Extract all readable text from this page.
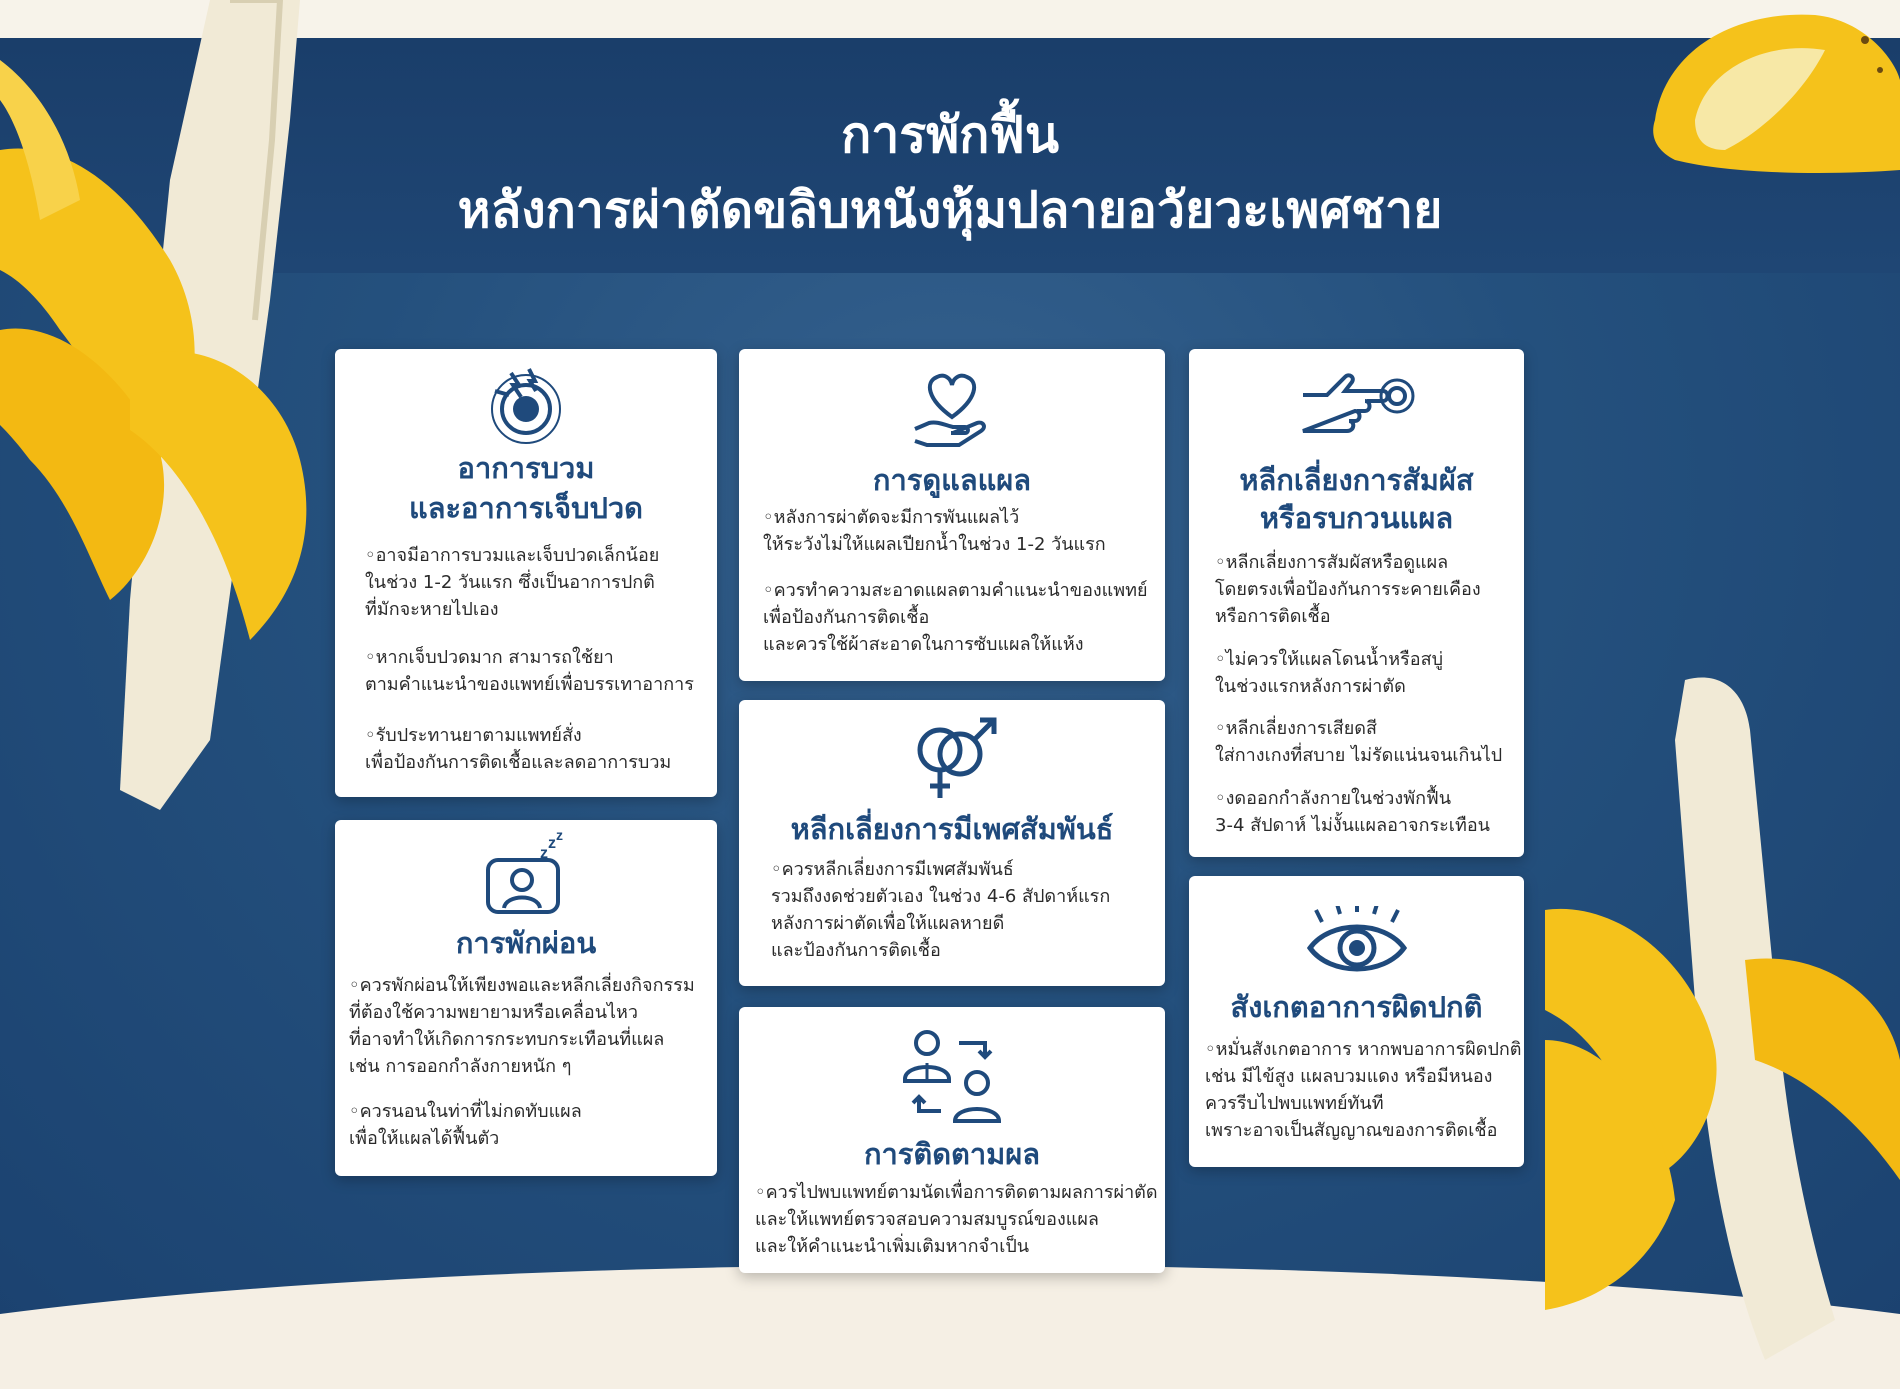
การพักฟื้น
หลังการผ่าตัดขลิบหนังหุ้มปลายอวัยวะเพศชาย
อาการบวม
และอาการเจ็บปวด
◦อาจมีอาการบวมและเจ็บปวดเล็กน้อย
ในช่วง 1-2 วันแรก ซึ่งเป็นอาการปกติ
ที่มักจะหายไปเอง
◦หากเจ็บปวดมาก สามารถใช้ยา
ตามคำแนะนำของแพทย์เพื่อบรรเทาอาการ
◦รับประทานยาตามแพทย์สั่ง
เพื่อป้องกันการติดเชื้อและลดอาการบวม
การดูแลแผล
◦หลังการผ่าตัดจะมีการพันแผลไว้
ให้ระวังไม่ให้แผลเปียกน้ำในช่วง 1-2 วันแรก
◦ควรทำความสะอาดแผลตามคำแนะนำของแพทย์
เพื่อป้องกันการติดเชื้อ
และควรใช้ผ้าสะอาดในการซับแผลให้แห้ง
หลีกเลี่ยงการสัมผัส
หรือรบกวนแผล
◦หลีกเลี่ยงการสัมผัสหรือดูแผล
โดยตรงเพื่อป้องกันการระคายเคือง
หรือการติดเชื้อ
◦ไม่ควรให้แผลโดนน้ำหรือสบู่
ในช่วงแรกหลังการผ่าตัด
◦หลีกเลี่ยงการเสียดสี
ใส่กางเกงที่สบาย ไม่รัดแน่นจนเกินไป
◦งดออกกำลังกายในช่วงพักฟื้น
3-4 สัปดาห์ ไม่งั้นแผลอาจกระเทือน
z
z z
การพักผ่อน
◦ควรพักผ่อนให้เพียงพอและหลีกเลี่ยงกิจกรรม
ที่ต้องใช้ความพยายามหรือเคลื่อนไหว
ที่อาจทำให้เกิดการกระทบกระเทือนที่แผล
เช่น การออกกำลังกายหนัก ๆ
◦ควรนอนในท่าที่ไม่กดทับแผล
เพื่อให้แผลได้ฟื้นตัว
หลีกเลี่ยงการมีเพศสัมพันธ์
◦ควรหลีกเลี่ยงการมีเพศสัมพันธ์
รวมถึงงดช่วยตัวเอง ในช่วง 4-6 สัปดาห์แรก
หลังการผ่าตัดเพื่อให้แผลหายดี
และป้องกันการติดเชื้อ
การติดตามผล
◦ควรไปพบแพทย์ตามนัดเพื่อการติดตามผลการผ่าตัด
และให้แพทย์ตรวจสอบความสมบูรณ์ของแผล
และให้คำแนะนำเพิ่มเติมหากจำเป็น
สังเกตอาการผิดปกติ
◦หมั่นสังเกตอาการ หากพบอาการผิดปกติ
เช่น มีไข้สูง แผลบวมแดง หรือมีหนอง
ควรรีบไปพบแพทย์ทันที
เพราะอาจเป็นสัญญาณของการติดเชื้อ
